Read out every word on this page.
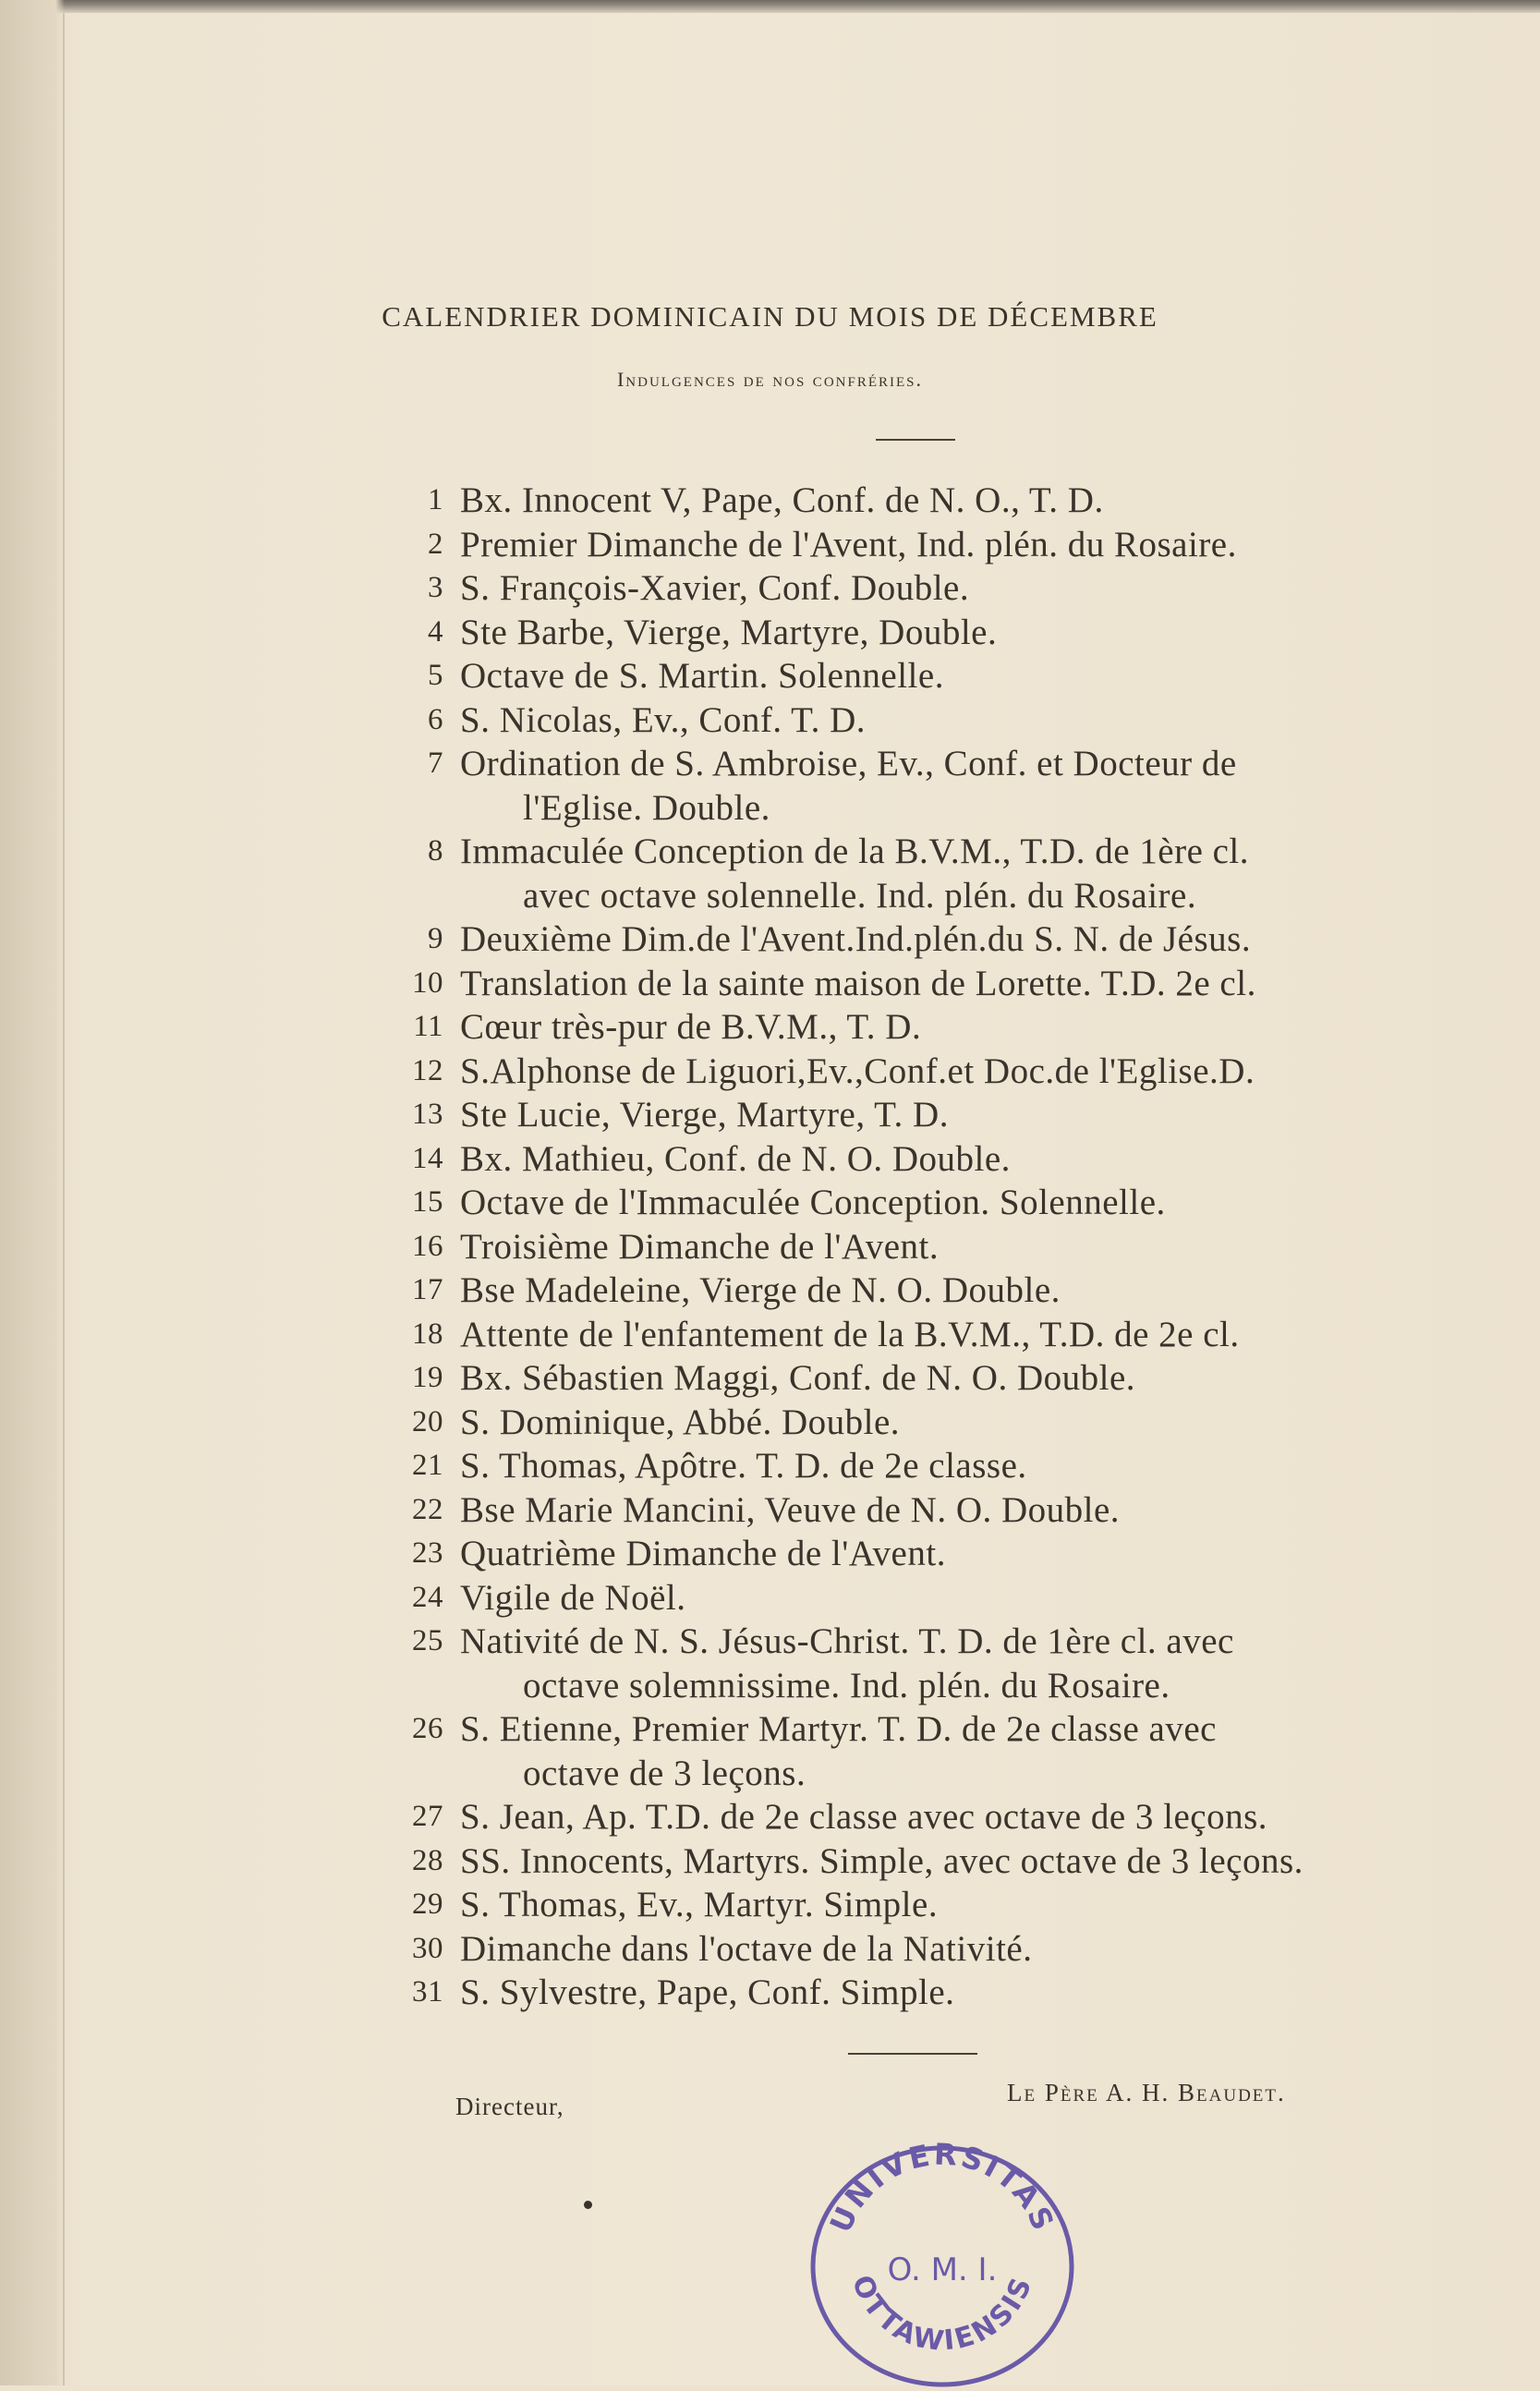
CALENDRIER DOMINICAIN DU MOIS DE DÉCEMBRE
Indulgences de nos confréries.
1 Bx. Innocent V, Pape, Conf. de N. O., T. D.
2 Premier Dimanche de l'Avent, Ind. plén. du Rosaire.
3 S. François-Xavier, Conf. Double.
4 Ste Barbe, Vierge, Martyre, Double.
5 Octave de S. Martin. Solennelle.
6 S. Nicolas, Ev., Conf. T. D.
7 Ordination de S. Ambroise, Ev., Conf. et Docteur de
l'Eglise. Double.
8 Immaculée Conception de la B.V.M., T.D. de 1ère cl.
avec octave solennelle. Ind. plén. du Rosaire.
9 Deuxième Dim.de l'Avent.Ind.plén.du S. N. de Jésus.
10 Translation de la sainte maison de Lorette. T.D. 2e cl.
11 Cœur très-pur de B.V.M., T. D.
12 S.Alphonse de Liguori,Ev.,Conf.et Doc.de l'Eglise.D.
13 Ste Lucie, Vierge, Martyre, T. D.
14 Bx. Mathieu, Conf. de N. O. Double.
15 Octave de l'Immaculée Conception. Solennelle.
16 Troisième Dimanche de l'Avent.
17 Bse Madeleine, Vierge de N. O. Double.
18 Attente de l'enfantement de la B.V.M., T.D. de 2e cl.
19 Bx. Sébastien Maggi, Conf. de N. O. Double.
20 S. Dominique, Abbé. Double.
21 S. Thomas, Apôtre. T. D. de 2e classe.
22 Bse Marie Mancini, Veuve de N. O. Double.
23 Quatrième Dimanche de l'Avent.
24 Vigile de Noël.
25 Nativité de N. S. Jésus-Christ. T. D. de 1ère cl. avec
octave solemnissime. Ind. plén. du Rosaire.
26 S. Etienne, Premier Martyr. T. D. de 2e classe avec
octave de 3 leçons.
27 S. Jean, Ap. T.D. de 2e classe avec octave de 3 leçons.
28 SS. Innocents, Martyrs. Simple, avec octave de 3 leçons.
29 S. Thomas, Ev., Martyr. Simple.
30 Dimanche dans l'octave de la Nativité.
31 S. Sylvestre, Pape, Conf. Simple.
Directeur,	Le Père A. H. Beaudet.
UNIVERSITAS
O. M. I.
OTTAWIENSIS
